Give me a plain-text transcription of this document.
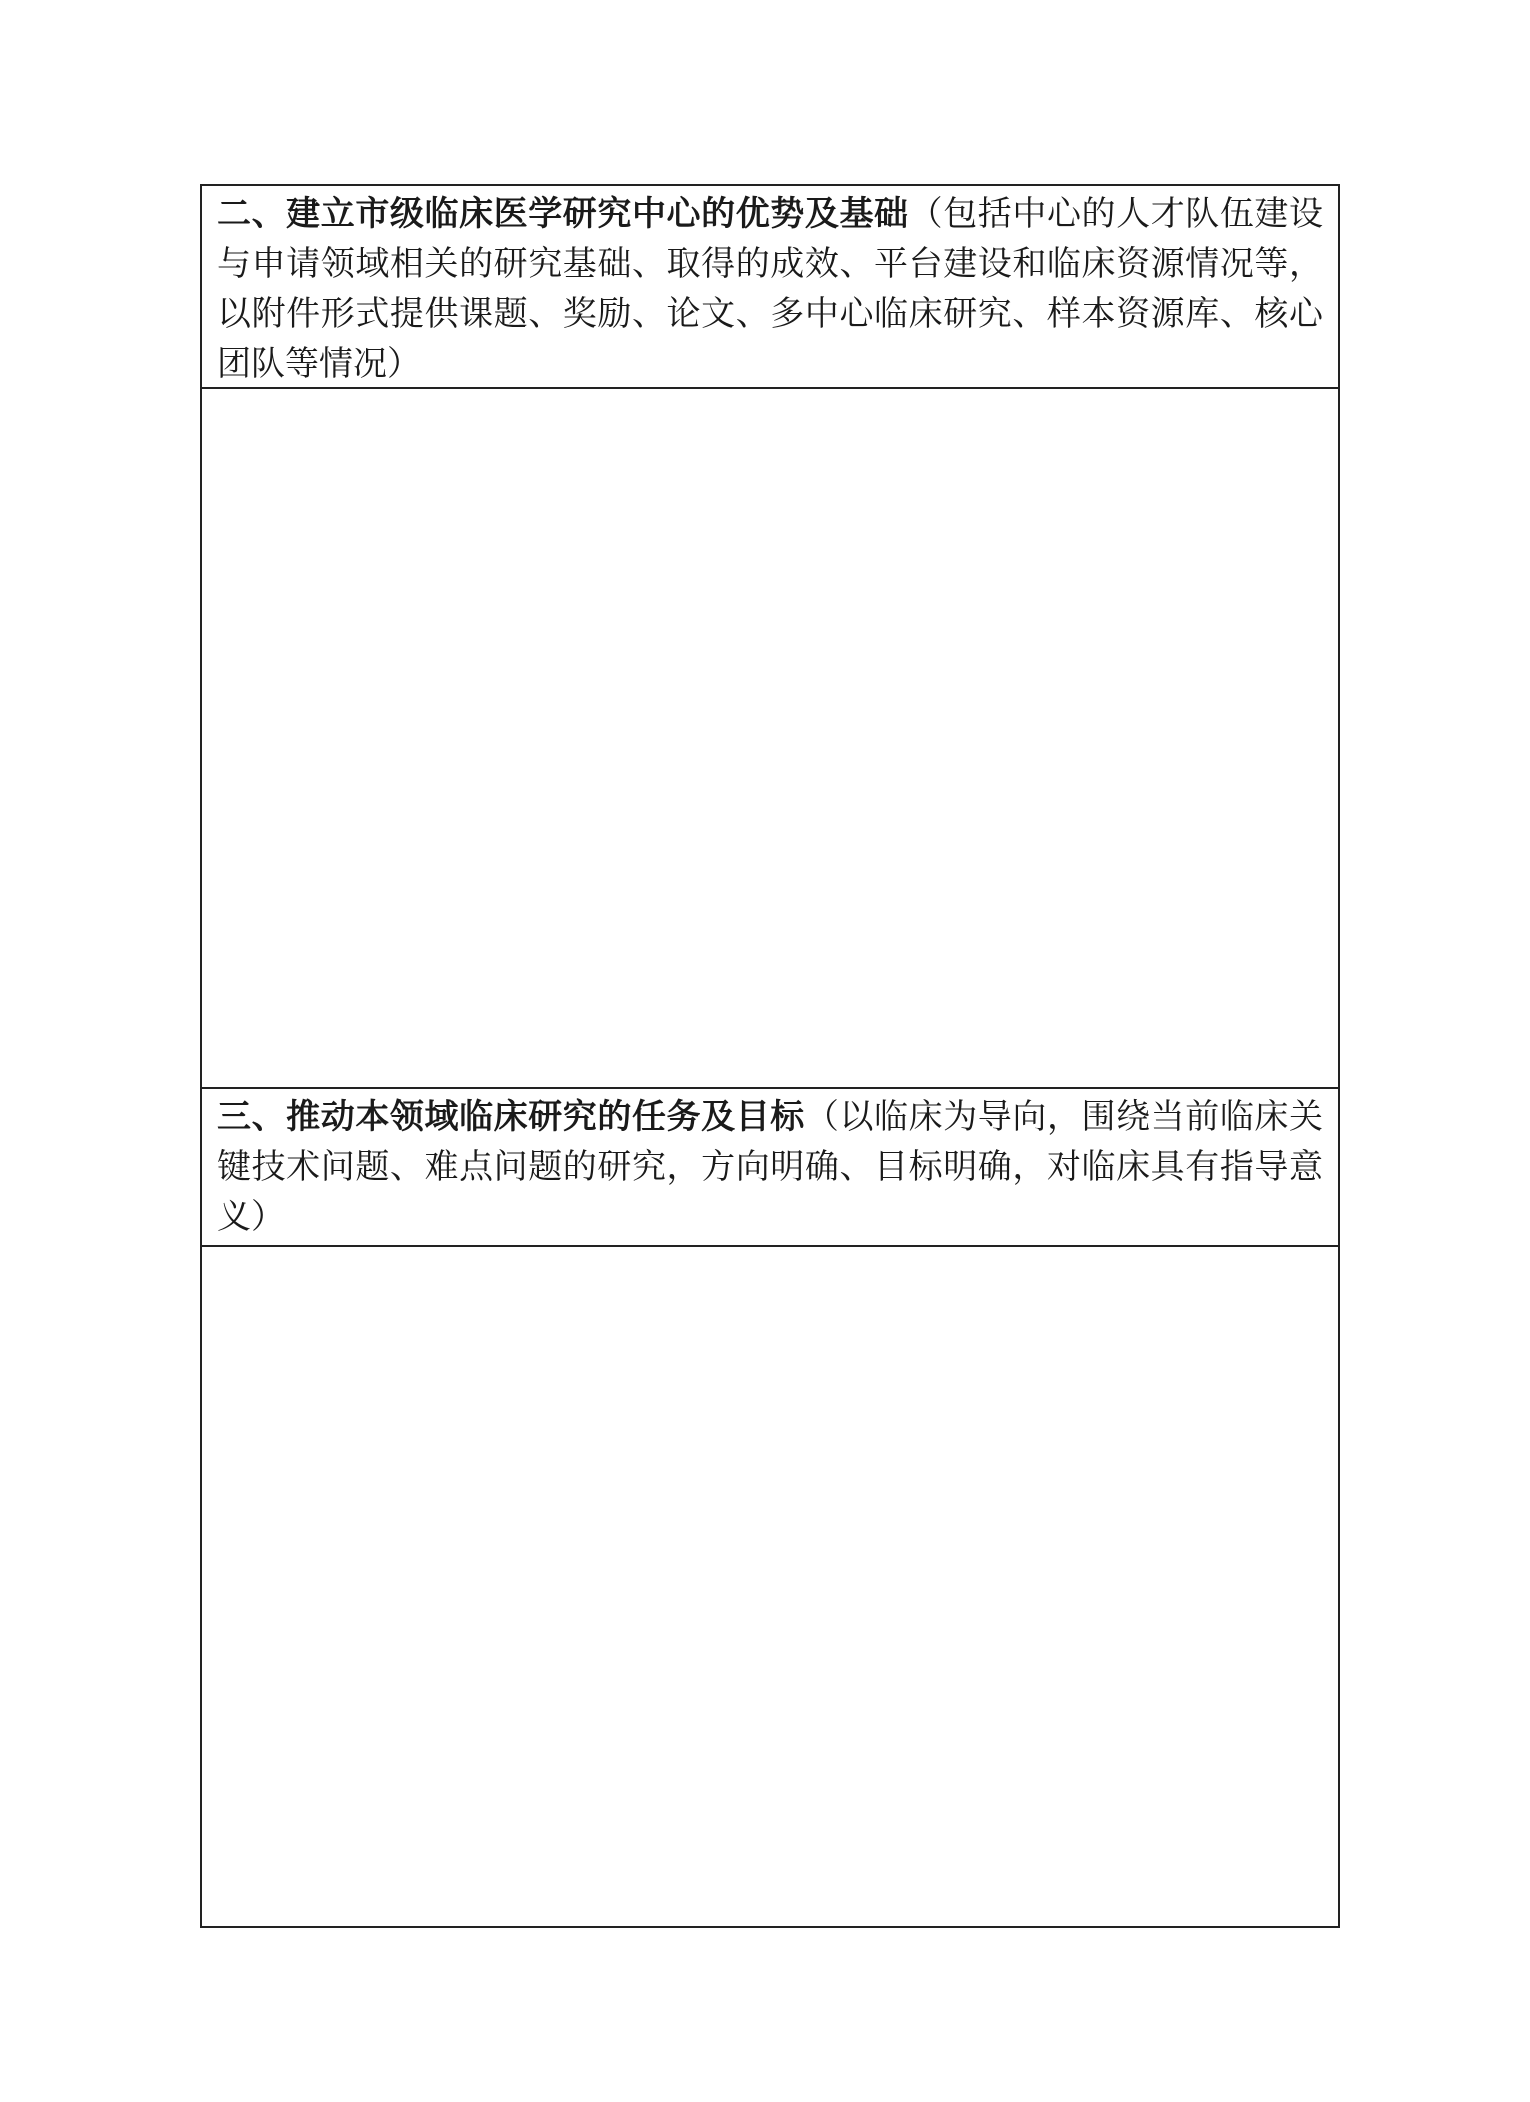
二、建立市级临床医学研究中心的优势及基础（包括中心的人才队伍建设与申请领域相关的研究基础、取得的成效、平台建设和临床资源情况等，以附件形式提供课题、奖励、论文、多中心临床研究、样本资源库、核心团队等情况）
三、推动本领域临床研究的任务及目标（以临床为导向，围绕当前临床关键技术问题、难点问题的研究，方向明确、目标明确，对临床具有指导意义）
